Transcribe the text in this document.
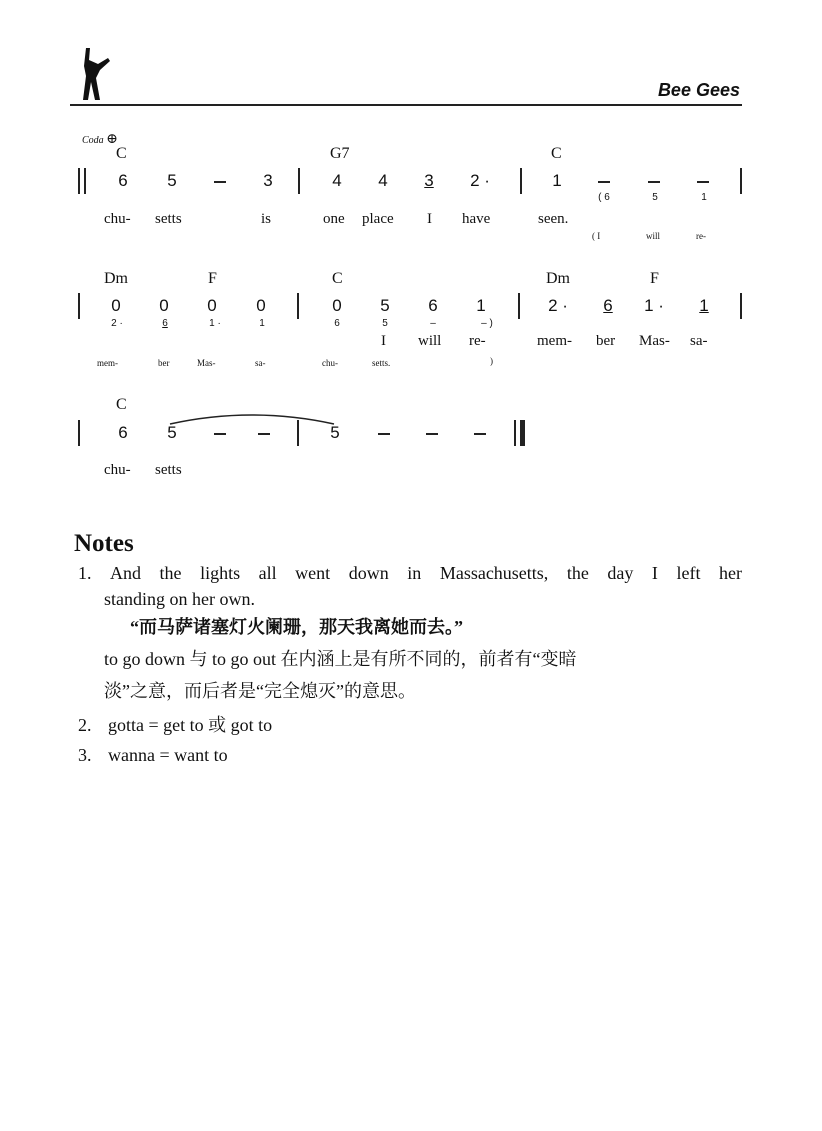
Bee Gees
Coda ⊕
C	G7	C
6	5	3	4	4	3	2 ·	1
( 6	5	1
chu- setts	is	one place I have	seen.
( I	will	re-
Dm	F	C	Dm	F
0	0	0	0	0	5	6	1	2 ·	6	1 ·	1
2 ·	6	1 ·	1	6	5	–	– )
I will re-	mem- ber Mas- sa-
mem-	ber	Mas-	sa-	chu-	setts.	)
C
6	5	5
chu- setts
Notes
1. And the lights all went down in Massachusetts, the day I left her
standing on her own.
“而马萨诸塞灯火阑珊，那天我离她而去。”
to go down 与 to go out 在内涵上是有所不同的，前者有“变暗
淡”之意，而后者是“完全熄灭”的意思。
2. gotta = get to 或 got to
3. wanna = want to
